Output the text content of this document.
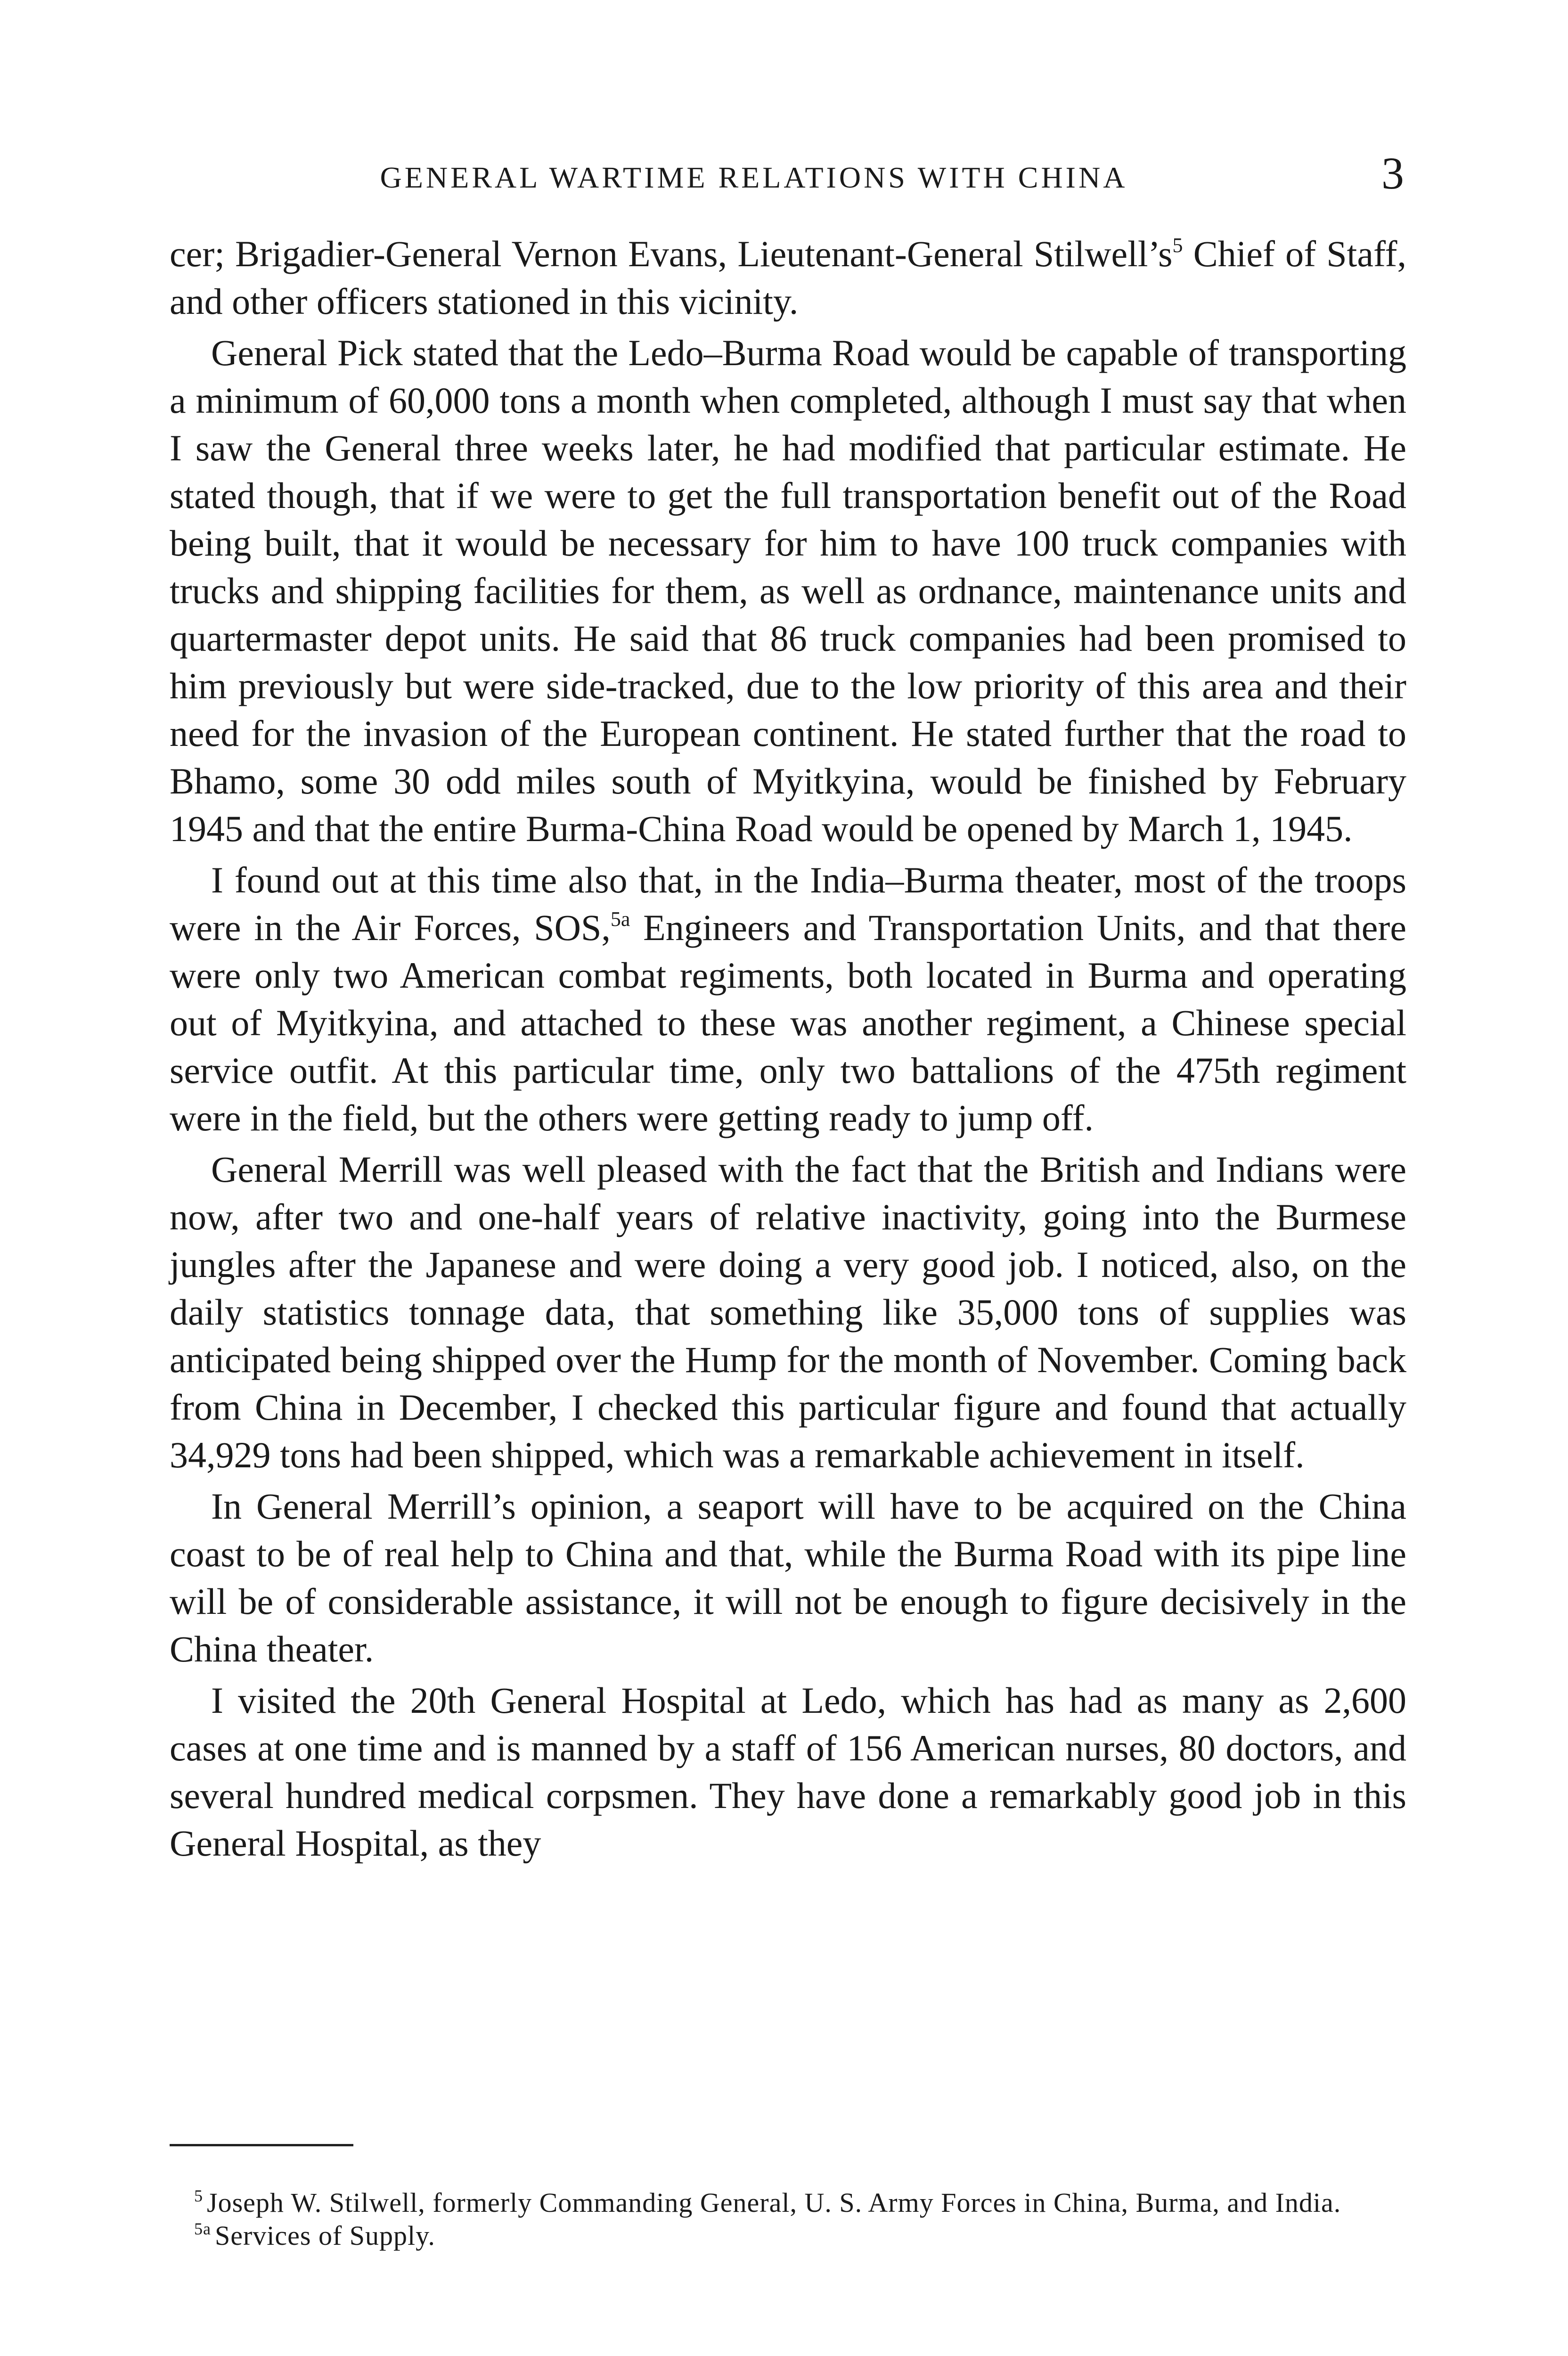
GENERAL WARTIME RELATIONS WITH CHINA	3

cer; Brigadier-General Vernon Evans, Lieutenant-General Stilwell’s$^5$ Chief of Staff, and other officers stationed in this vicinity.

General Pick stated that the Ledo–Burma Road would be capable of transporting a minimum of 60,000 tons a month when completed, although I must say that when I saw the General three weeks later, he had modified that particular estimate. He stated though, that if we were to get the full transportation benefit out of the Road being built, that it would be necessary for him to have 100 truck companies with trucks and shipping facilities for them, as well as ordnance, maintenance units and quartermaster depot units. He said that 86 truck companies had been promised to him previously but were side-tracked, due to the low priority of this area and their need for the invasion of the European continent. He stated further that the road to Bhamo, some 30 odd miles south of Myitkyina, would be finished by February 1945 and that the entire Burma-China Road would be opened by March 1, 1945.

I found out at this time also that, in the India–Burma theater, most of the troops were in the Air Forces, SOS,$^{5a}$ Engineers and Transportation Units, and that there were only two American combat regiments, both located in Burma and operating out of Myitkyina, and attached to these was another regiment, a Chinese special service outfit. At this particular time, only two battalions of the 475th regiment were in the field, but the others were getting ready to jump off.

General Merrill was well pleased with the fact that the British and Indians were now, after two and one-half years of relative inactivity, going into the Burmese jungles after the Japanese and were doing a very good job. I noticed, also, on the daily statistics tonnage data, that something like 35,000 tons of supplies was anticipated being shipped over the Hump for the month of November. Coming back from China in December, I checked this particular figure and found that actually 34,929 tons had been shipped, which was a remarkable achievement in itself.

In General Merrill’s opinion, a seaport will have to be acquired on the China coast to be of real help to China and that, while the Burma Road with its pipe line will be of considerable assistance, it will not be enough to figure decisively in the China theater.

I visited the 20th General Hospital at Ledo, which has had as many as 2,600 cases at one time and is manned by a staff of 156 American nurses, 80 doctors, and several hundred medical corpsmen. They have done a remarkably good job in this General Hospital, as they

$^5$ Joseph W. Stilwell, formerly Commanding General, U. S. Army Forces in China, Burma, and India.

$^{5a}$ Services of Supply.
